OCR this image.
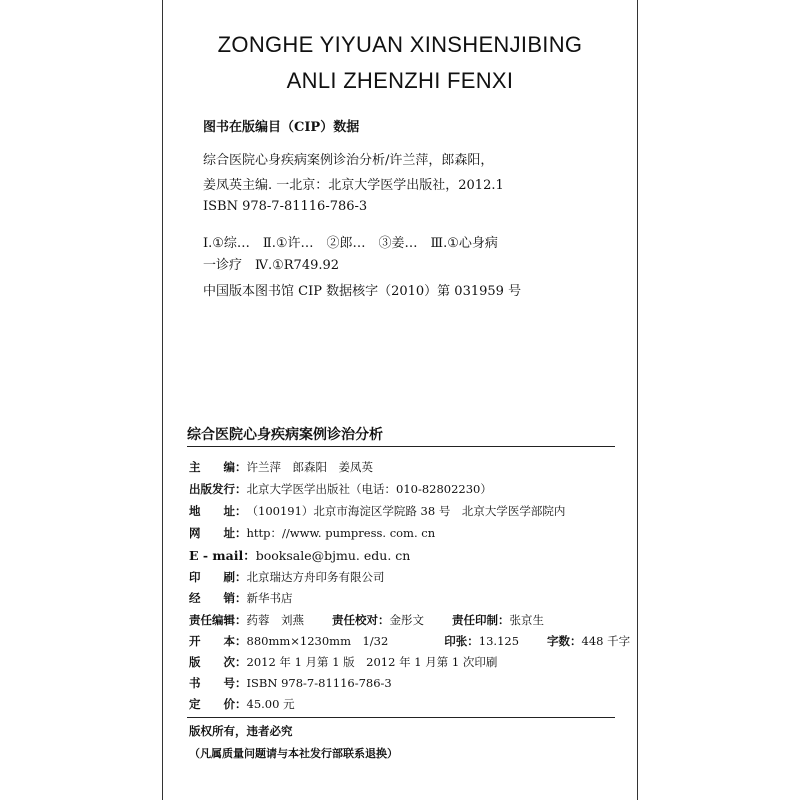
ZONGHE YIYUAN XINSHENJIBING
ANLI ZHENZHI FENXI
图书在版编目（CIP）数据
综合医院心身疾病案例诊治分析/许兰萍，郎森阳，
姜凤英主编. 一北京：北京大学医学出版社，2012.1
ISBN 978-7-81116-786-3
Ⅰ.①综…　Ⅱ.①许…　②郎…　③姜…　Ⅲ.①心身病
一诊疗　Ⅳ.①R749.92
中国版本图书馆 CIP 数据核字（2010）第 031959 号
综合医院心身疾病案例诊治分析
主　　编： 许兰萍　郎森阳　姜凤英
出版发行： 北京大学医学出版社（电话：010-82802230）
地　　址： （100191）北京市海淀区学院路 38 号　北京大学医学部院内
网　　址： http：//www. pumpress. com. cn
E - mail： booksale@bjmu. edu. cn
印　　刷： 北京瑞达方舟印务有限公司
经　　销： 新华书店
责任编辑： 药蓉　刘燕 责任校对： 金彤文 责任印制： 张京生
开　　本： 880mm×1230mm　1/32	印张： 13.125 字数： 448 千字
版　　次： 2012 年 1 月第 1 版　2012 年 1 月第 1 次印刷
书　　号： ISBN 978-7-81116-786-3
定　　价： 45.00 元
版权所有，违者必究
（凡属质量问题请与本社发行部联系退换）
